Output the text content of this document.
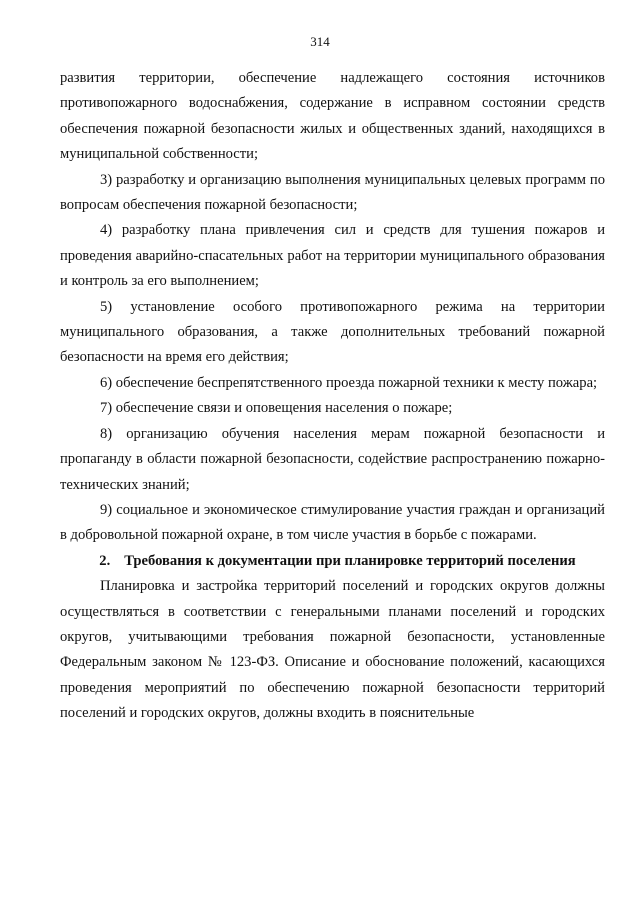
314

развития территории, обеспечение надлежащего состояния источников противопожарного водоснабжения, содержание в исправном состоянии средств обеспечения пожарной безопасности жилых и общественных зданий, находящихся в муниципальной собственности;

3) разработку и организацию выполнения муниципальных целевых программ по вопросам обеспечения пожарной безопасности;

4) разработку плана привлечения сил и средств для тушения пожаров и проведения аварийно-спасательных работ на территории муниципального образования и контроль за его выполнением;

5) установление особого противопожарного режима на территории муниципального образования, а также дополнительных требований пожарной безопасности на время его действия;

6) обеспечение беспрепятственного проезда пожарной техники к месту пожара;

7) обеспечение связи и оповещения населения о пожаре;

8) организацию обучения населения мерам пожарной безопасности и пропаганду в области пожарной безопасности, содействие распространению пожарно-технических знаний;

9) социальное и экономическое стимулирование участия граждан и организаций в добровольной пожарной охране, в том числе участия в борьбе с пожарами.

2. Требования к документации при планировке территорий поселения

Планировка и застройка территорий поселений и городских округов должны осуществляться в соответствии с генеральными планами поселений и городских округов, учитывающими требования пожарной безопасности, установленные Федеральным законом № 123-ФЗ. Описание и обоснование положений, касающихся проведения мероприятий по обеспечению пожарной безопасности территорий поселений и городских округов, должны входить в пояснительные
